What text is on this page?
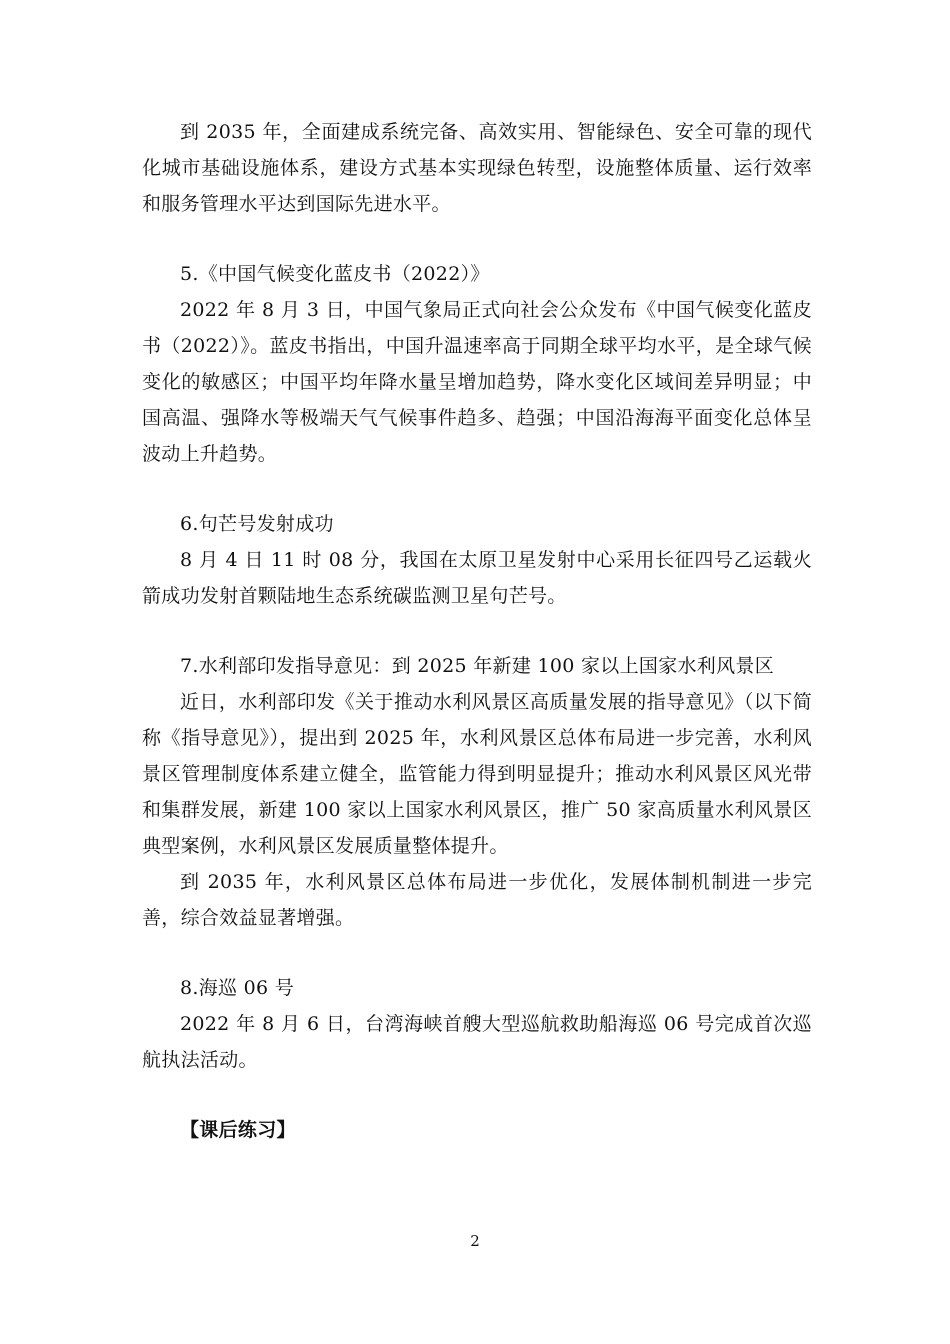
到 2035 年，全面建成系统完备、高效实用、智能绿色、安全可靠的现代化城市基础设施体系，建设方式基本实现绿色转型，设施整体质量、运行效率和服务管理水平达到国际先进水平。

5.《中国气候变化蓝皮书（2022）》

2022 年 8 月 3 日，中国气象局正式向社会公众发布《中国气候变化蓝皮书（2022）》。蓝皮书指出，中国升温速率高于同期全球平均水平，是全球气候变化的敏感区；中国平均年降水量呈增加趋势，降水变化区域间差异明显；中国高温、强降水等极端天气气候事件趋多、趋强；中国沿海海平面变化总体呈波动上升趋势。

6.句芒号发射成功

8 月 4 日 11 时 08 分，我国在太原卫星发射中心采用长征四号乙运载火箭成功发射首颗陆地生态系统碳监测卫星句芒号。

7.水利部印发指导意见：到 2025 年新建 100 家以上国家水利风景区

近日，水利部印发《关于推动水利风景区高质量发展的指导意见》（以下简称《指导意见》），提出到 2025 年，水利风景区总体布局进一步完善，水利风景区管理制度体系建立健全，监管能力得到明显提升；推动水利风景区风光带和集群发展，新建 100 家以上国家水利风景区，推广 50 家高质量水利风景区典型案例，水利风景区发展质量整体提升。

到 2035 年，水利风景区总体布局进一步优化，发展体制机制进一步完善，综合效益显著增强。

8.海巡 06 号

2022 年 8 月 6 日，台湾海峡首艘大型巡航救助船海巡 06 号完成首次巡航执法活动。

【课后练习】

2
